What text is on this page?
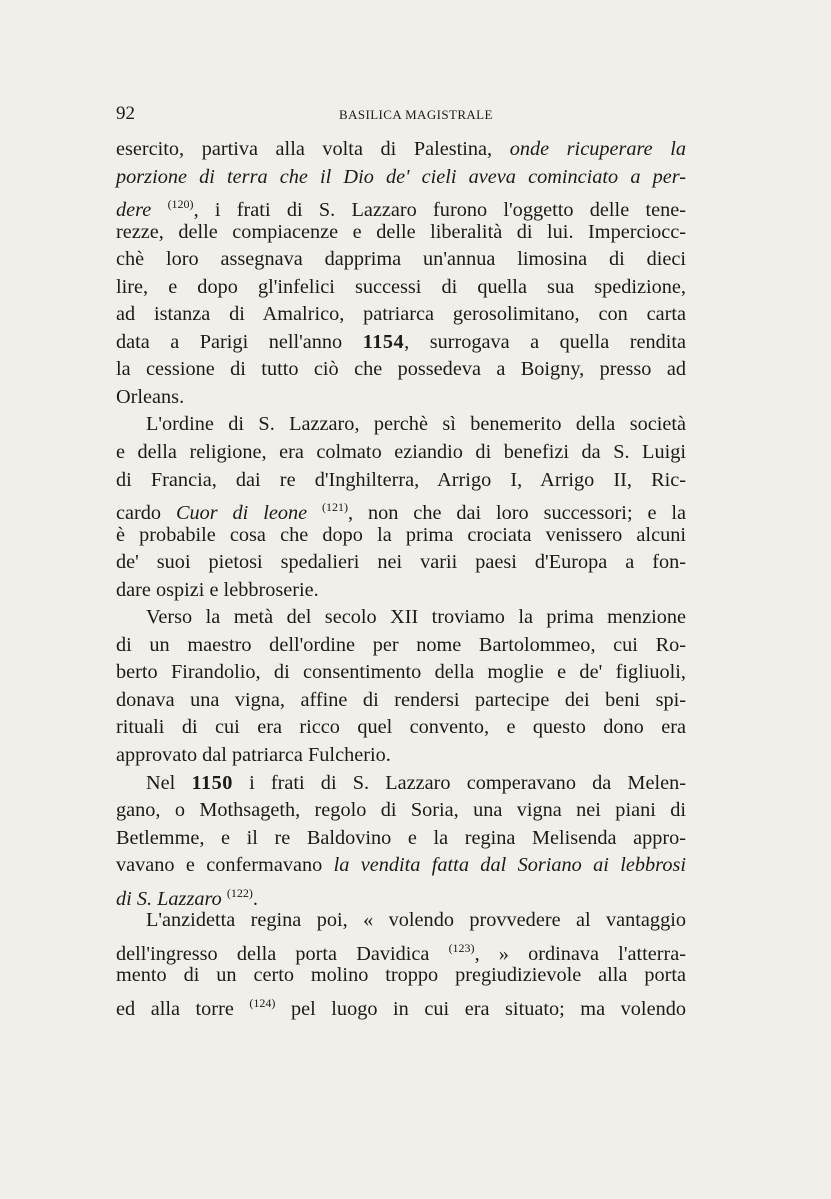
92	BASILICA MAGISTRALE

esercito, partiva alla volta di Palestina, onde ricuperare la
porzione di terra che il Dio de' cieli aveva cominciato a per-
dere $^{(120)}$, i frati di S. Lazzaro furono l'oggetto delle tene-
rezze, delle compiacenze e delle liberalità di lui. Imperciocc-
chè loro assegnava dapprima un'annua limosina di dieci
lire, e dopo gl'infelici successi di quella sua spedizione,
ad istanza di Amalrico, patriarca gerosolimitano, con carta
data a Parigi nell'anno 1154, surrogava a quella rendita
la cessione di tutto ciò che possedeva a Boigny, presso ad
Orleans.

L'ordine di S. Lazzaro, perchè sì benemerito della società
e della religione, era colmato eziandio di benefizi da S. Luigi
di Francia, dai re d'Inghilterra, Arrigo I, Arrigo II, Ric-
cardo Cuor di leone $^{(121)}$, non che dai loro successori; e la
è probabile cosa che dopo la prima crociata venissero alcuni
de' suoi pietosi spedalieri nei varii paesi d'Europa a fon-
dare ospizi e lebbroserie.

Verso la metà del secolo XII troviamo la prima menzione
di un maestro dell'ordine per nome Bartolommeo, cui Ro-
berto Firandolio, di consentimento della moglie e de' figliuoli,
donava una vigna, affine di rendersi partecipe dei beni spi-
rituali di cui era ricco quel convento, e questo dono era
approvato dal patriarca Fulcherio.

Nel 1150 i frati di S. Lazzaro comperavano da Melen-
gano, o Mothsageth, regolo di Soria, una vigna nei piani di
Betlemme, e il re Baldovino e la regina Melisenda appro-
vavano e confermavano la vendita fatta dal Soriano ai lebbrosi
di S. Lazzaro $^{(122)}$.

L'anzidetta regina poi, « volendo provvedere al vantaggio
dell'ingresso della porta Davidica $^{(123)}$, » ordinava l'atterra-
mento di un certo molino troppo pregiudizievole alla porta
ed alla torre $^{(124)}$ pel luogo in cui era situato; ma volendo
